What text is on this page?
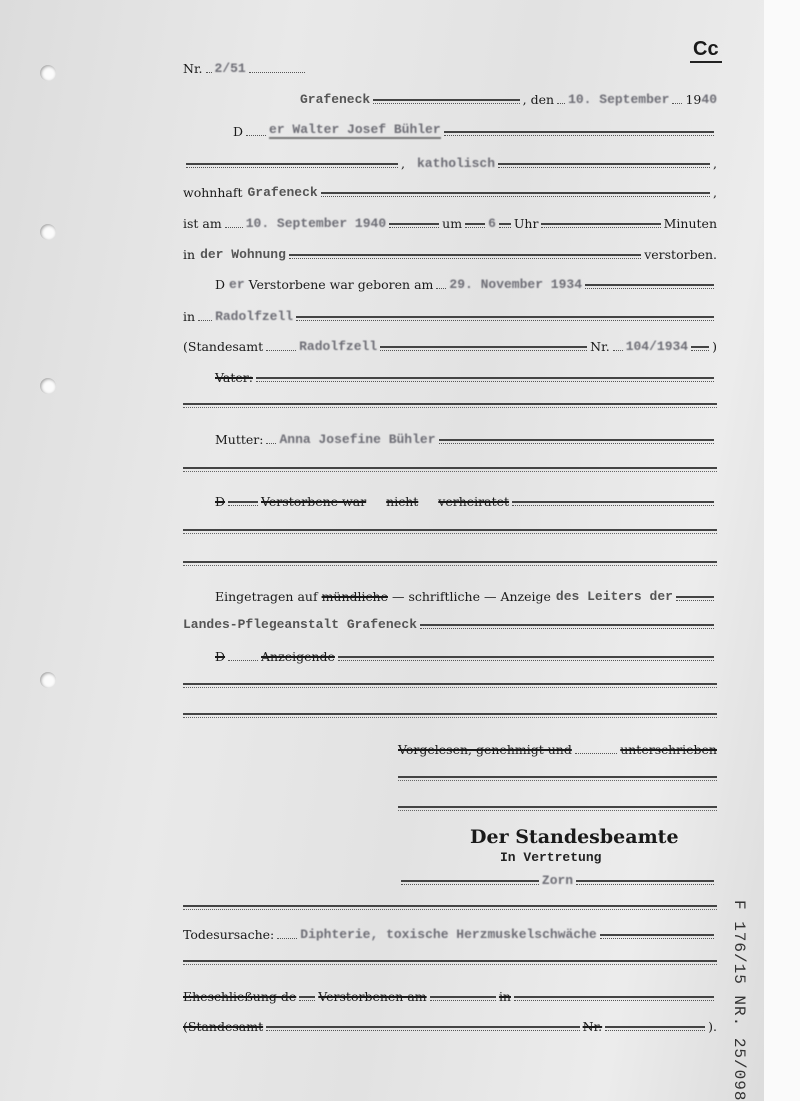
Cc
F 176/15 NR. 25/098
Nr. 2/51
Grafeneck	, den 10. September 19 40
D er Walter Josef Bühler
, katholisch	,
wohnhaft Grafeneck	,
ist am 10. September 1940	um 6 Uhr	Minuten
in der Wohnung	verstorben.
D er Verstorbene war geboren am 29. November 1934
in Radolfzell
(Standesamt	Radolfzell	Nr. 104/1934 )
Vater:
Mutter: Anna Josefine Bühler
D	Verstorbene war nicht verheiratet
Eingetragen auf mündliche — schriftliche — Anzeige des Leiters der
Landes-Pflegeanstalt Grafeneck
D	Anzeigende
Vorgelesen, genehmigt und	unterschrieben
Der Standesbeamte
In Vertretung
Zorn
Todesursache: Diphterie, toxische Herzmuskelschwäche
Eheschließung de Verstorbenen am	in
(Standesamt	Nr.	).
